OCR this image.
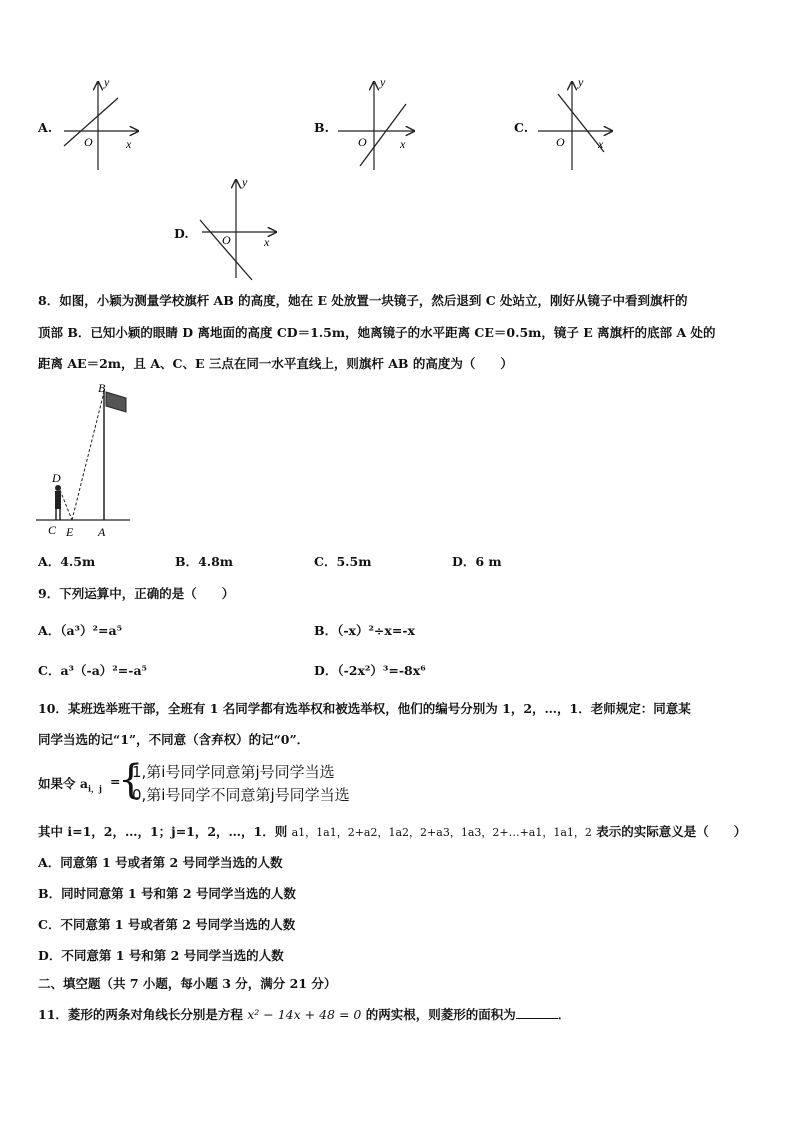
A.
y
x
O
B.
y
x
O
C.
y
x
O
D.
y
x
O
8．如图，小颖为测量学校旗杆 AB 的高度，她在 E 处放置一块镜子，然后退到 C 处站立，刚好从镜子中看到旗杆的
顶部 B．已知小颖的眼睛 D 离地面的高度 CD＝1.5m，她离镜子的水平距离 CE＝0.5m，镜子 E 离旗杆的底部 A 处的
距离 AE＝2m，且 A、C、E 三点在同一水平直线上，则旗杆 AB 的高度为（　　）
B
D
C E A
A．4.5m	B．4.8m	C．5.5m	D．6 m
9．下列运算中，正确的是（　　）
A．（a³）²=a⁵	B．（-x）²÷x=-x
C．a³（-a）²=-a⁵	D．（-2x²）³=-8x⁶
10．某班选举班干部，全班有 1 名同学都有选举权和被选举权，他们的编号分别为 1，2，…，1．老师规定：同意某
同学当选的记“1”，不同意（含弃权）的记“0”．
如果令 $a_{i,j}$ =
{
1,第i号同学同意第j号同学当选
0,第i号同学不同意第j号同学当选
其中 i=1，2，…，1；j=1，2，…，1．则 a1，1a1，2+a2，1a2，2+a3，1a3，2+…+a1，1a1，2 表示的实际意义是（　　）
A．同意第 1 号或者第 2 号同学当选的人数
B．同时同意第 1 号和第 2 号同学当选的人数
C．不同意第 1 号或者第 2 号同学当选的人数
D．不同意第 1 号和第 2 号同学当选的人数
二、填空题（共 7 小题，每小题 3 分，满分 21 分）
11．菱形的两条对角线长分别是方程 x² − 14x + 48 = 0 的两实根，则菱形的面积为	．
